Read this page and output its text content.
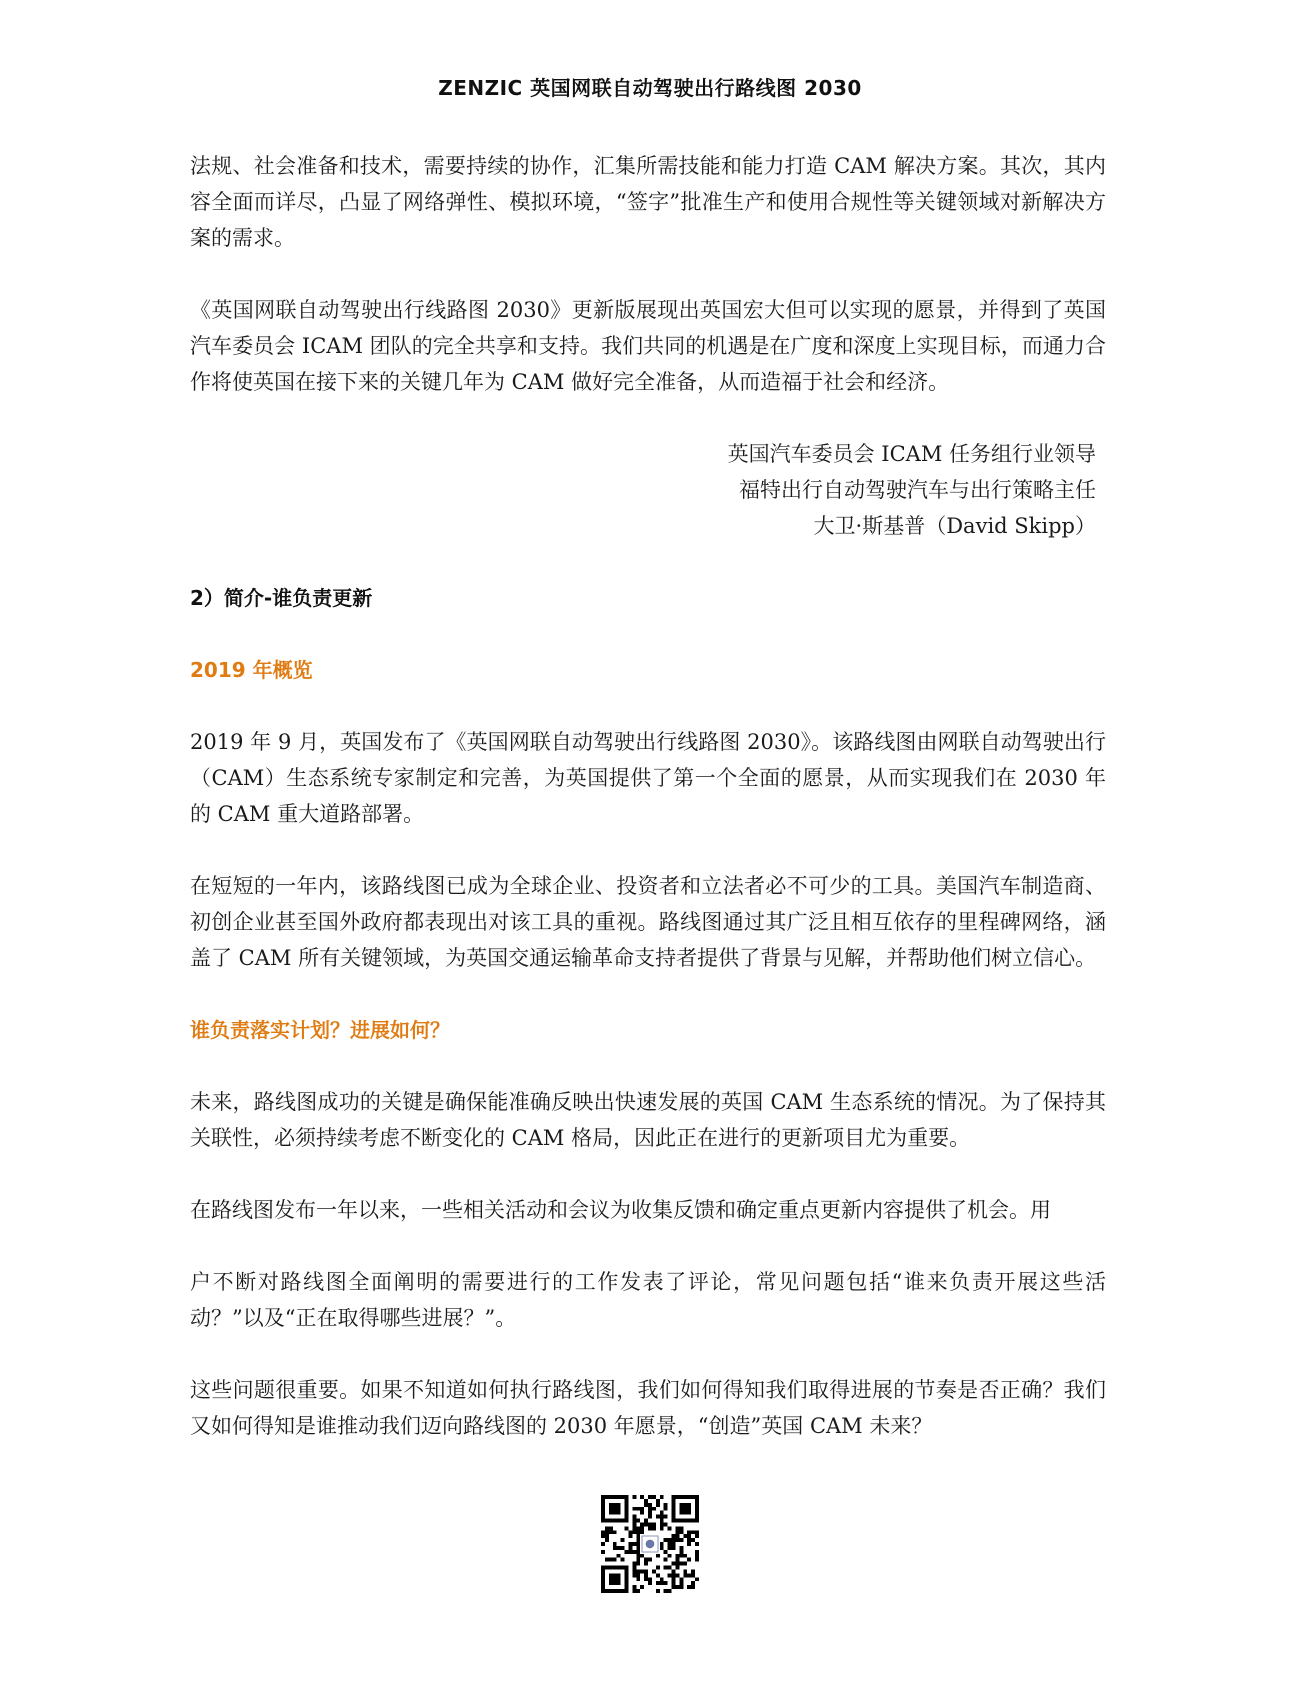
ZENZIC 英国网联自动驾驶出行路线图 2030

法规、社会准备和技术，需要持续的协作，汇集所需技能和能力打造 CAM 解决方案。其次，其内容全面而详尽，凸显了网络弹性、模拟环境，“签字”批准生产和使用合规性等关键领域对新解决方案的需求。

《英国网联自动驾驶出行线路图 2030》更新版展现出英国宏大但可以实现的愿景，并得到了英国汽车委员会 ICAM 团队的完全共享和支持。我们共同的机遇是在广度和深度上实现目标，而通力合作将使英国在接下来的关键几年为 CAM 做好完全准备，从而造福于社会和经济。

英国汽车委员会 ICAM 任务组行业领导
福特出行自动驾驶汽车与出行策略主任
大卫·斯基普（David Skipp）
2）简介-谁负责更新
2019 年概览

2019 年 9 月，英国发布了《英国网联自动驾驶出行线路图 2030》。该路线图由网联自动驾驶出行（CAM）生态系统专家制定和完善，为英国提供了第一个全面的愿景，从而实现我们在 2030 年的 CAM 重大道路部署。

在短短的一年内，该路线图已成为全球企业、投资者和立法者必不可少的工具。美国汽车制造商、初创企业甚至国外政府都表现出对该工具的重视。路线图通过其广泛且相互依存的里程碑网络，涵盖了 CAM 所有关键领域，为英国交通运输革命支持者提供了背景与见解，并帮助他们树立信心。

谁负责落实计划？进展如何？

未来，路线图成功的关键是确保能准确反映出快速发展的英国 CAM 生态系统的情况。为了保持其关联性，必须持续考虑不断变化的 CAM 格局，因此正在进行的更新项目尤为重要。

在路线图发布一年以来，一些相关活动和会议为收集反馈和确定重点更新内容提供了机会。用

户不断对路线图全面阐明的需要进行的工作发表了评论，常见问题包括“谁来负责开展这些活动？”以及“正在取得哪些进展？”。

这些问题很重要。如果不知道如何执行路线图，我们如何得知我们取得进展的节奏是否正确？我们又如何得知是谁推动我们迈向路线图的 2030 年愿景，“创造”英国 CAM 未来？
